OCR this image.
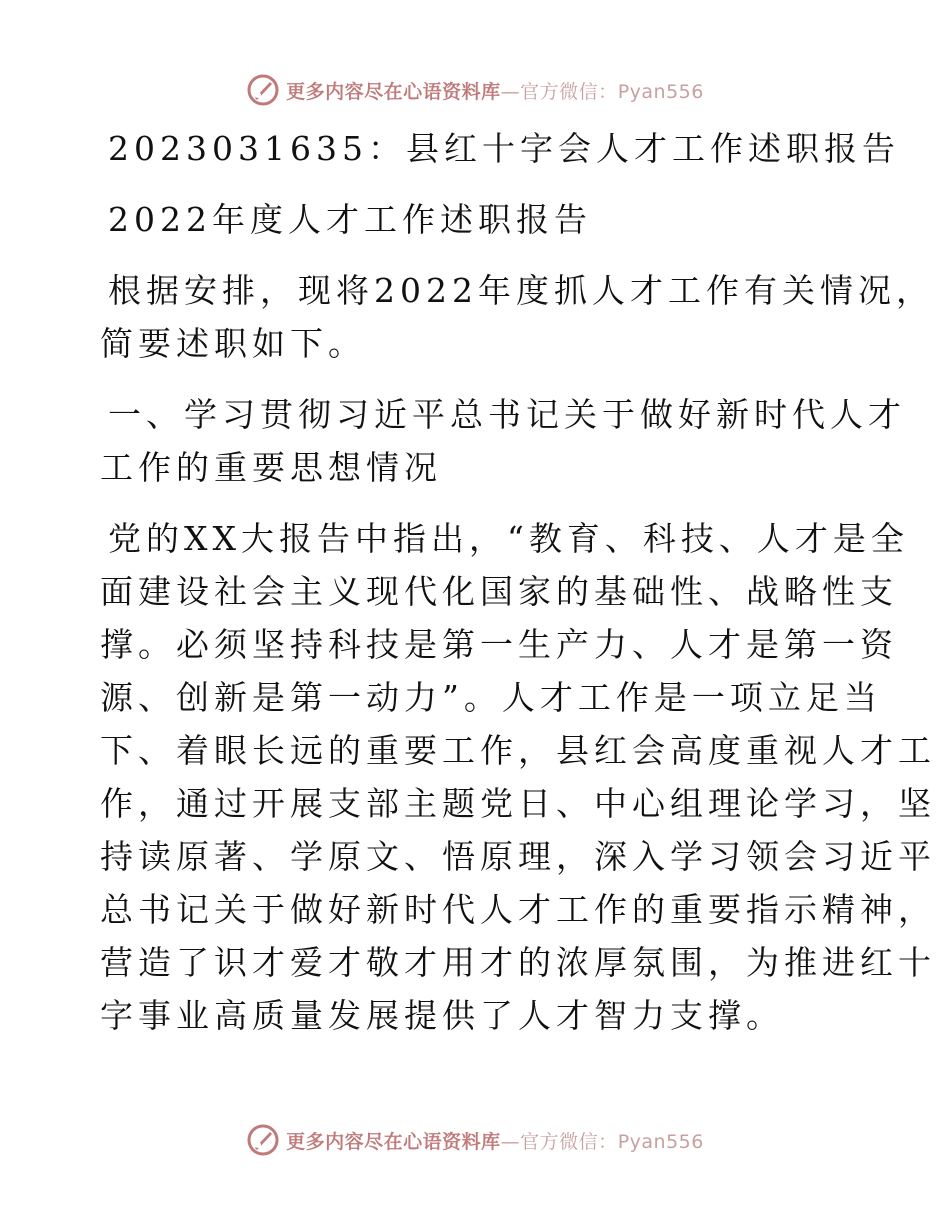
更多内容尽在心语资料库—官方微信：Pyan556
2023031635：县红十字会人才工作述职报告
2022年度人才工作述职报告
根据安排，现将2022年度抓人才工作有关情况，
简要述职如下。
一、学习贯彻习近平总书记关于做好新时代人才
工作的重要思想情况
党的XX大报告中指出，“教育、科技、人才是全
面建设社会主义现代化国家的基础性、战略性支
撑。必须坚持科技是第一生产力、人才是第一资
源、创新是第一动力”。人才工作是一项立足当
下、着眼长远的重要工作，县红会高度重视人才工
作，通过开展支部主题党日、中心组理论学习，坚
持读原著、学原文、悟原理，深入学习领会习近平
总书记关于做好新时代人才工作的重要指示精神，
营造了识才爱才敬才用才的浓厚氛围，为推进红十
字事业高质量发展提供了人才智力支撑。
更多内容尽在心语资料库—官方微信：Pyan556
